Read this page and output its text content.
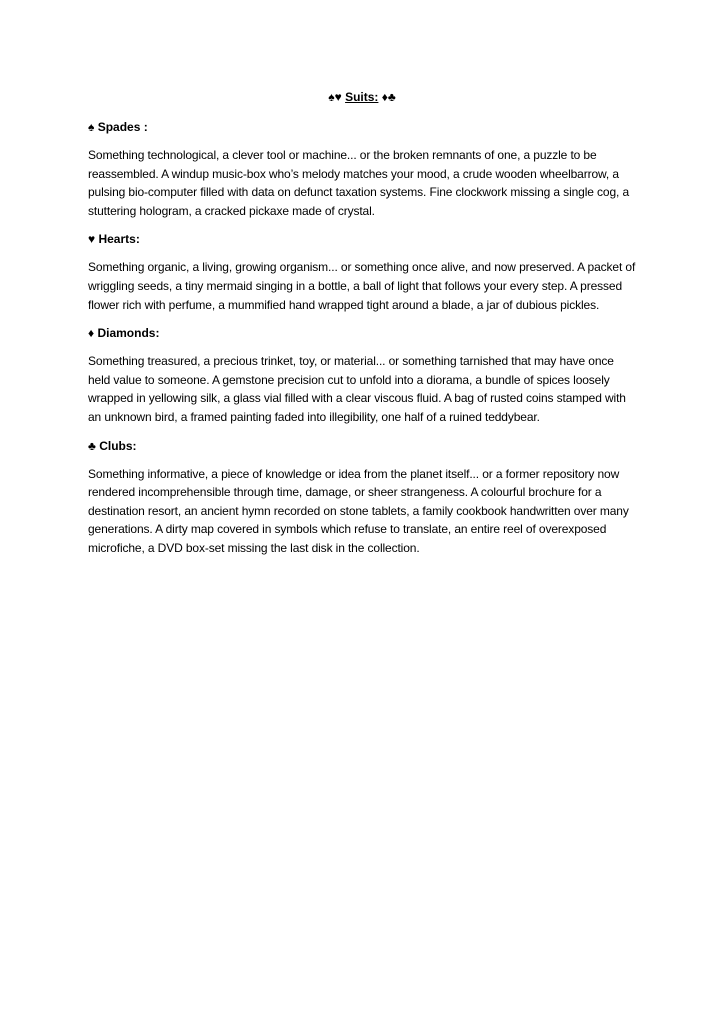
♠♥ Suits: ♦♣
♠ Spades :
Something technological, a clever tool or machine... or the broken remnants of one, a puzzle to be reassembled. A windup music-box who’s melody matches your mood, a crude wooden wheelbarrow, a pulsing bio-computer filled with data on defunct taxation systems. Fine clockwork missing a single cog, a stuttering hologram, a cracked pickaxe made of crystal.
♥ Hearts:
Something organic, a living, growing organism... or something once alive, and now preserved. A packet of wriggling seeds, a tiny mermaid singing in a bottle, a ball of light that follows your every step. A pressed flower rich with perfume, a mummified hand wrapped tight around a blade, a jar of dubious pickles.
♦ Diamonds:
Something treasured, a precious trinket, toy, or material... or something tarnished that may have once held value to someone. A gemstone precision cut to unfold into a diorama, a bundle of spices loosely wrapped in yellowing silk, a glass vial filled with a clear viscous fluid. A bag of rusted coins stamped with an unknown bird, a framed painting faded into illegibility, one half of a ruined teddybear.
♣ Clubs:
Something informative, a piece of knowledge or idea from the planet itself... or a former repository now rendered incomprehensible through time, damage, or sheer strangeness. A colourful brochure for a destination resort, an ancient hymn recorded on stone tablets, a family cookbook handwritten over many generations. A dirty map covered in symbols which refuse to translate, an entire reel of overexposed microfiche, a DVD box-set missing the last disk in the collection.
